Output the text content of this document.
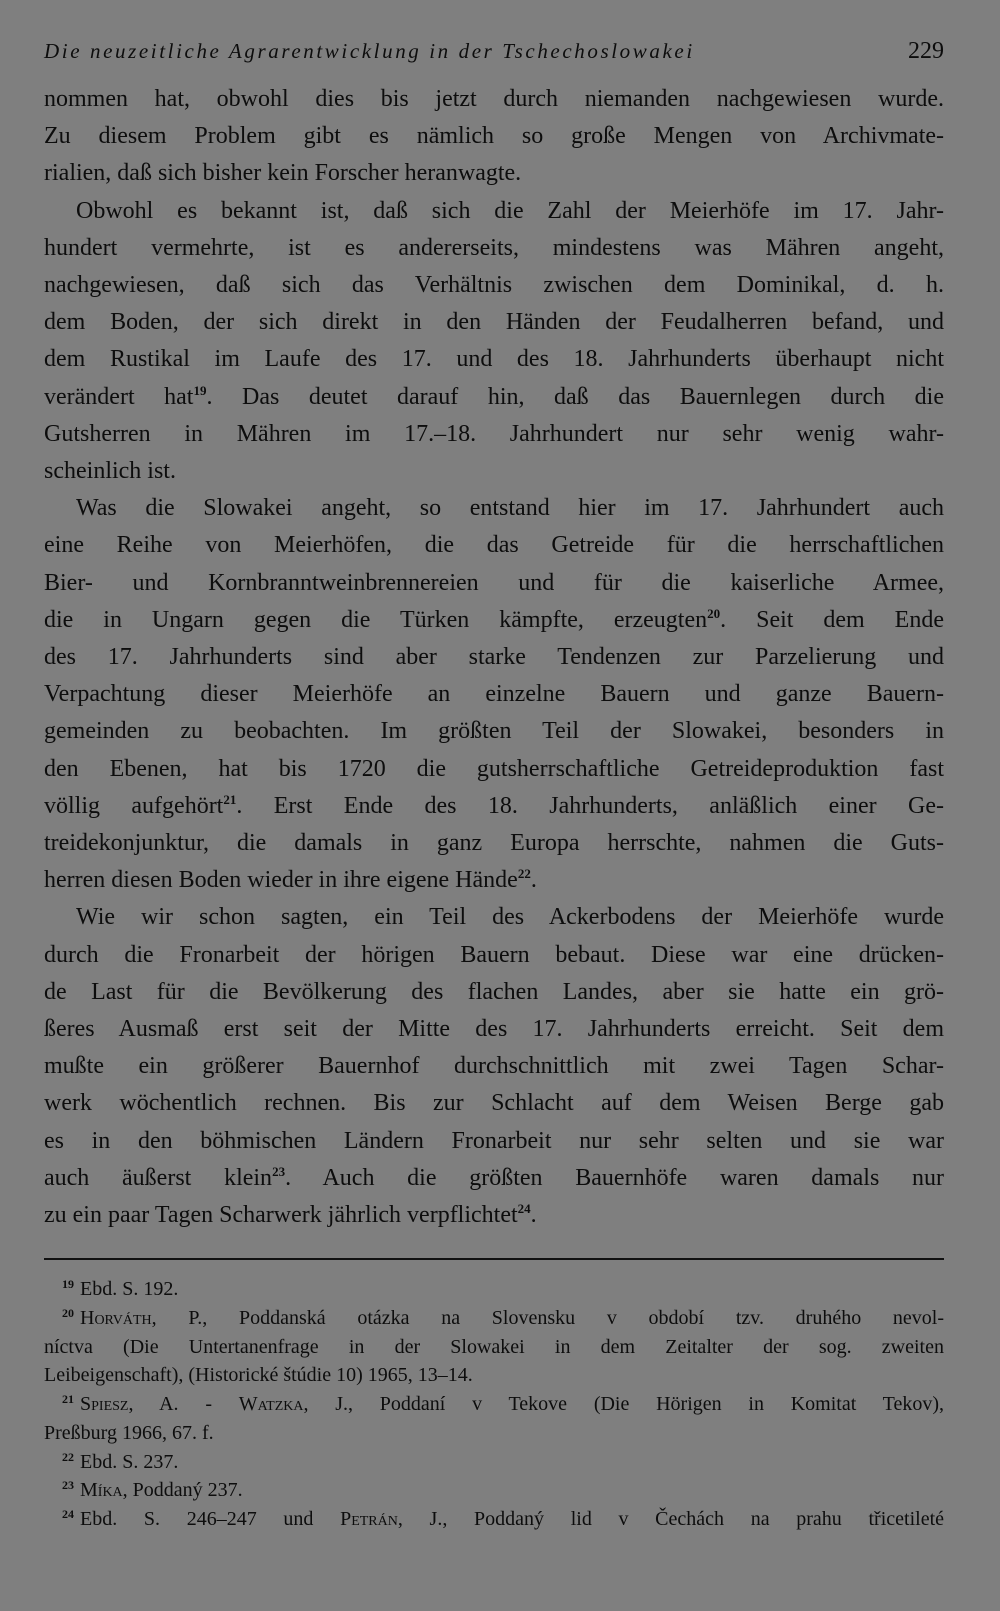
Die neuzeitliche Agrarentwicklung in der Tschechoslowakei	229

nommen hat, obwohl dies bis jetzt durch niemanden nachgewiesen wurde.
Zu diesem Problem gibt es nämlich so große Mengen von Archivmate-
rialien, daß sich bisher kein Forscher heranwagte.

Obwohl es bekannt ist, daß sich die Zahl der Meierhöfe im 17. Jahr-
hundert vermehrte, ist es andererseits, mindestens was Mähren angeht,
nachgewiesen, daß sich das Verhältnis zwischen dem Dominikal, d. h.
dem Boden, der sich direkt in den Händen der Feudalherren befand, und
dem Rustikal im Laufe des 17. und des 18. Jahrhunderts überhaupt nicht
verändert hat$^{19}$. Das deutet darauf hin, daß das Bauernlegen durch die
Gutsherren in Mähren im 17.–18. Jahrhundert nur sehr wenig wahr-
scheinlich ist.

Was die Slowakei angeht, so entstand hier im 17. Jahrhundert auch
eine Reihe von Meierhöfen, die das Getreide für die herrschaftlichen
Bier- und Kornbranntweinbrennereien und für die kaiserliche Armee,
die in Ungarn gegen die Türken kämpfte, erzeugten$^{20}$. Seit dem Ende
des 17. Jahrhunderts sind aber starke Tendenzen zur Parzelierung und
Verpachtung dieser Meierhöfe an einzelne Bauern und ganze Bauern-
gemeinden zu beobachten. Im größten Teil der Slowakei, besonders in
den Ebenen, hat bis 1720 die gutsherrschaftliche Getreideproduktion fast
völlig aufgehört$^{21}$. Erst Ende des 18. Jahrhunderts, anläßlich einer Ge-
treidekonjunktur, die damals in ganz Europa herrschte, nahmen die Guts-
herren diesen Boden wieder in ihre eigene Hände$^{22}$.

Wie wir schon sagten, ein Teil des Ackerbodens der Meierhöfe wurde
durch die Fronarbeit der hörigen Bauern bebaut. Diese war eine drücken-
de Last für die Bevölkerung des flachen Landes, aber sie hatte ein grö-
ßeres Ausmaß erst seit der Mitte des 17. Jahrhunderts erreicht. Seit dem
mußte ein größerer Bauernhof durchschnittlich mit zwei Tagen Schar-
werk wöchentlich rechnen. Bis zur Schlacht auf dem Weisen Berge gab
es in den böhmischen Ländern Fronarbeit nur sehr selten und sie war
auch äußerst klein$^{23}$. Auch die größten Bauernhöfe waren damals nur
zu ein paar Tagen Scharwerk jährlich verpflichtet$^{24}$.

$^{19}$ Ebd. S. 192.
$^{20}$ Horváth, P., Poddanská otázka na Slovensku v období tzv. druhého nevol-
níctva (Die Untertanenfrage in der Slowakei in dem Zeitalter der sog. zweiten
Leibeigenschaft), (Historické štúdie 10) 1965, 13–14.
$^{21}$ Spiesz, A. - Watzka, J., Poddaní v Tekove (Die Hörigen in Komitat Tekov),
Preßburg 1966, 67. f.
$^{22}$ Ebd. S. 237.
$^{23}$ Míka, Poddaný 237.
$^{24}$ Ebd. S. 246–247 und Petrán, J., Poddaný lid v Čechách na prahu třicetileté
